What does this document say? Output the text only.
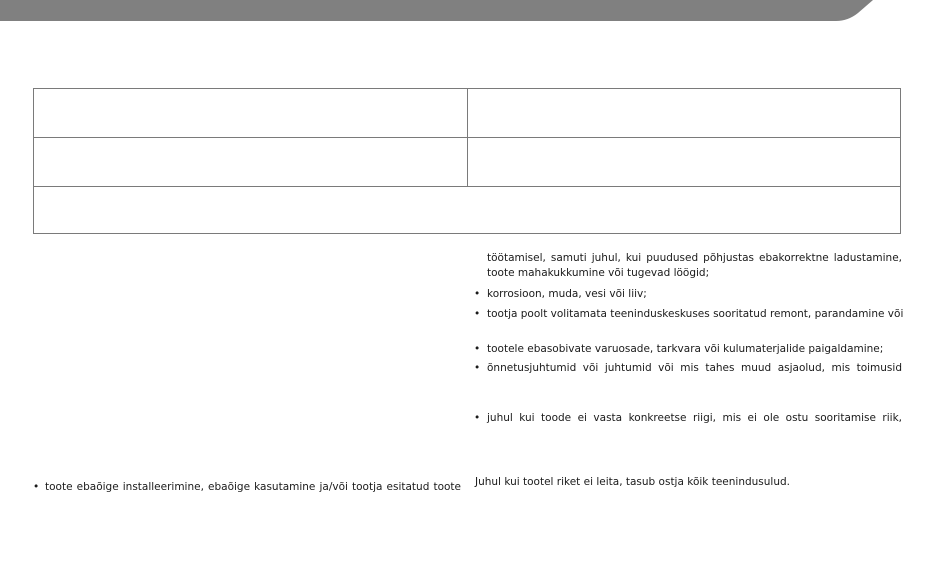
• toote ebaõige installeerimine, ebaõige kasutamine ja/või tootja esitatud toote
töötamisel, samuti juhul, kui puudused põhjustas ebakorrektne ladustamine,
toote mahakukkumine või tugevad löögid;
• korrosioon, muda, vesi või liiv;
• tootja poolt volitamata teeninduskeskuses sooritatud remont, parandamine või
• tootele ebasobivate varuosade, tarkvara või kulumaterjalide paigaldamine;
• õnnetusjuhtumid või juhtumid või mis tahes muud asjaolud, mis toimusid
• juhul kui toode ei vasta konkreetse riigi, mis ei ole ostu sooritamise riik,
Juhul kui tootel riket ei leita, tasub ostja kõik teenindusulud.
